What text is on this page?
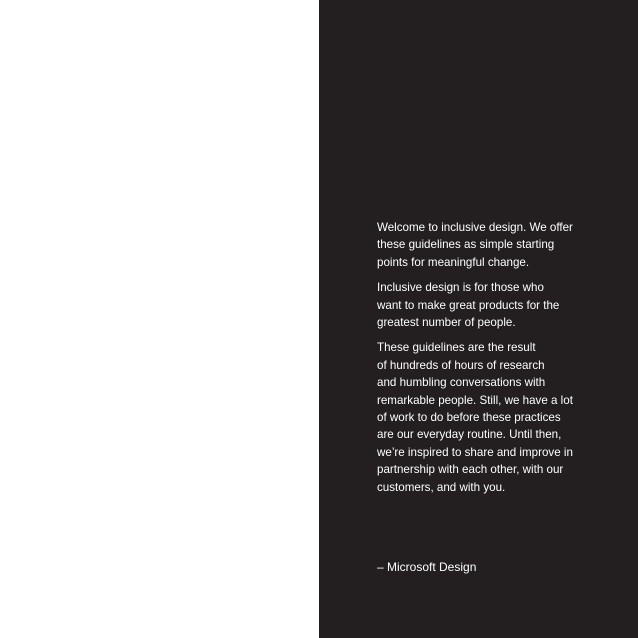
Welcome to inclusive design. We offer
these guidelines as simple starting
points for meaningful change.

Inclusive design is for those who
want to make great products for the
greatest number of people.

These guidelines are the result
of hundreds of hours of research
and humbling conversations with
remarkable people. Still, we have a lot
of work to do before these practices
are our everyday routine. Until then,
we’re inspired to share and improve in
partnership with each other, with our
customers, and with you.

– Microsoft Design
